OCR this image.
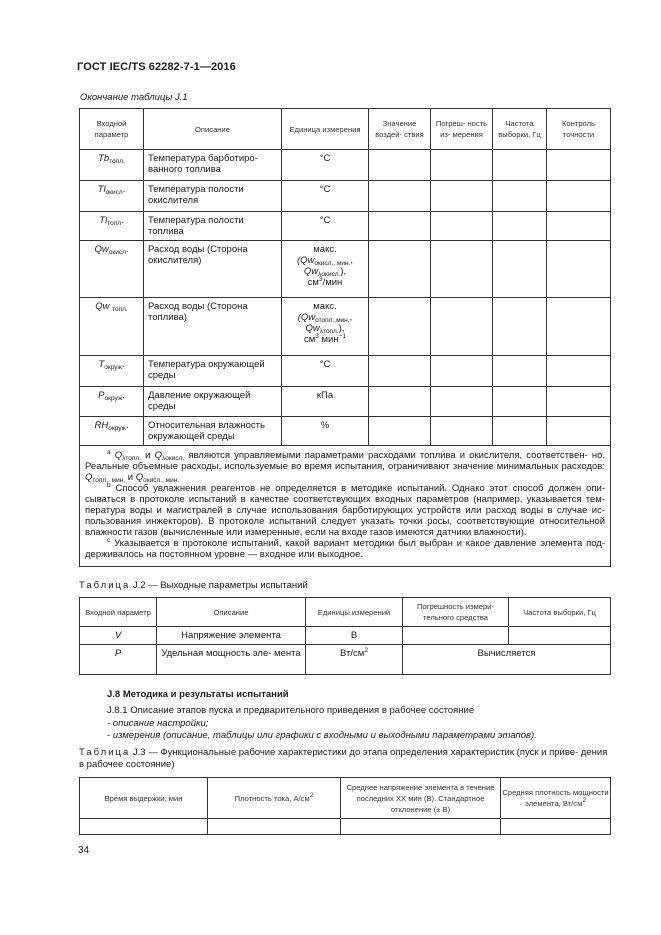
ГОСТ IEC/TS 62282-7-1—2016
Окончание таблицы J.1
Входной параметр	Описание	Единица измерения	Значение воздей- ствия	Погреш- ность из- мерения	Частота выборки, Гц	Контроль точности
$Tb_{топл.}$	Температура барботиро- ванного топлива	°C				
$Tl_{окисл}$.	Температура полости окислителя	°C				
$Tl_{топл}$.	Температура полости топлива	°C				
$Qw_{окисл}$.	Расход воды (Сторона окислителя)	макс.
($Qw_{окисл., мин.}$,
$Qw_{\lambda окисл.}$),
$см^3$/мин				

Qw $_{топл.}$	Расход воды (Сторона топлива)	макс.
($Qw_{отопл.,мин.}$,
$Qw_{\lambda топл.}$),
$см^3$ мин$^{-1}$

$T_{окруж}$.	Температура окружающей среды	°C				
$P_{окруж}$.	Давление окружающей среды	кПа				
$RH_{окруж}$.	Относительная влажность окружающей среды	%				

$^a$ $Q_{\lambda топл.}$ и $Q_{\lambda окисл.}$ являются управляемыми параметрами расходами топлива и окислителя, соответствен- но. Реальные объемные расходы, используемые во время испытания, ограничивают значение минимальных расходов: $Q_{топл., мин.}$ и $Q_{окисл., мин.}$

$^b$ Способ увлажнения реагентов не определяется в методике испытаний. Однако этот способ должен опи- сываться в протоколе испытаний в качестве соответствующих входных параметров (например, указывается тем- пература воды и магистралей в случае использования барботирующих устройств или расход воды в случае ис- пользования инжекторов). В протоколе испытаний следует указать точки росы, соответствующие относительной влажности газов (вычисленные или измеренные, если на входе газов имеются датчики влажности).

$^c$ Указывается в протоколе испытаний, какой вариант методики был выбран и какое давление элемента под- держивалось на постоянном уровне — входное или выходное.						

Таблица J.2 — Выходные параметры испытаний
Входной параметр	Описание	Единицы измерений	Погрешность измери- тельного средства	Частота выборки, Гц
V	Напряжение элемента	В		
P	Удельная мощность эле- мента	$Вт/см^2$	Вычисляется	
J.8 Методика и результаты испытаний
J.8.1 Описание этапов пуска и предварительного приведения в рабочее состояние
- описание настройки;
- измерения (описание, таблицы или графики с входными и выходными параметрами этапов).
Таблица J.3 — Функциональные рабочие характеристики до этапа определения характеристик (пуск и приве- дения в рабочее состояние)
Время выдержки, мин	Плотность тока, $А/см^2$	Среднее напряжение элемента в течение последних XX мин (В). Стандартное отклонение (± В)	Средняя плотность мощности элемента, $Вт/см^2$

34
